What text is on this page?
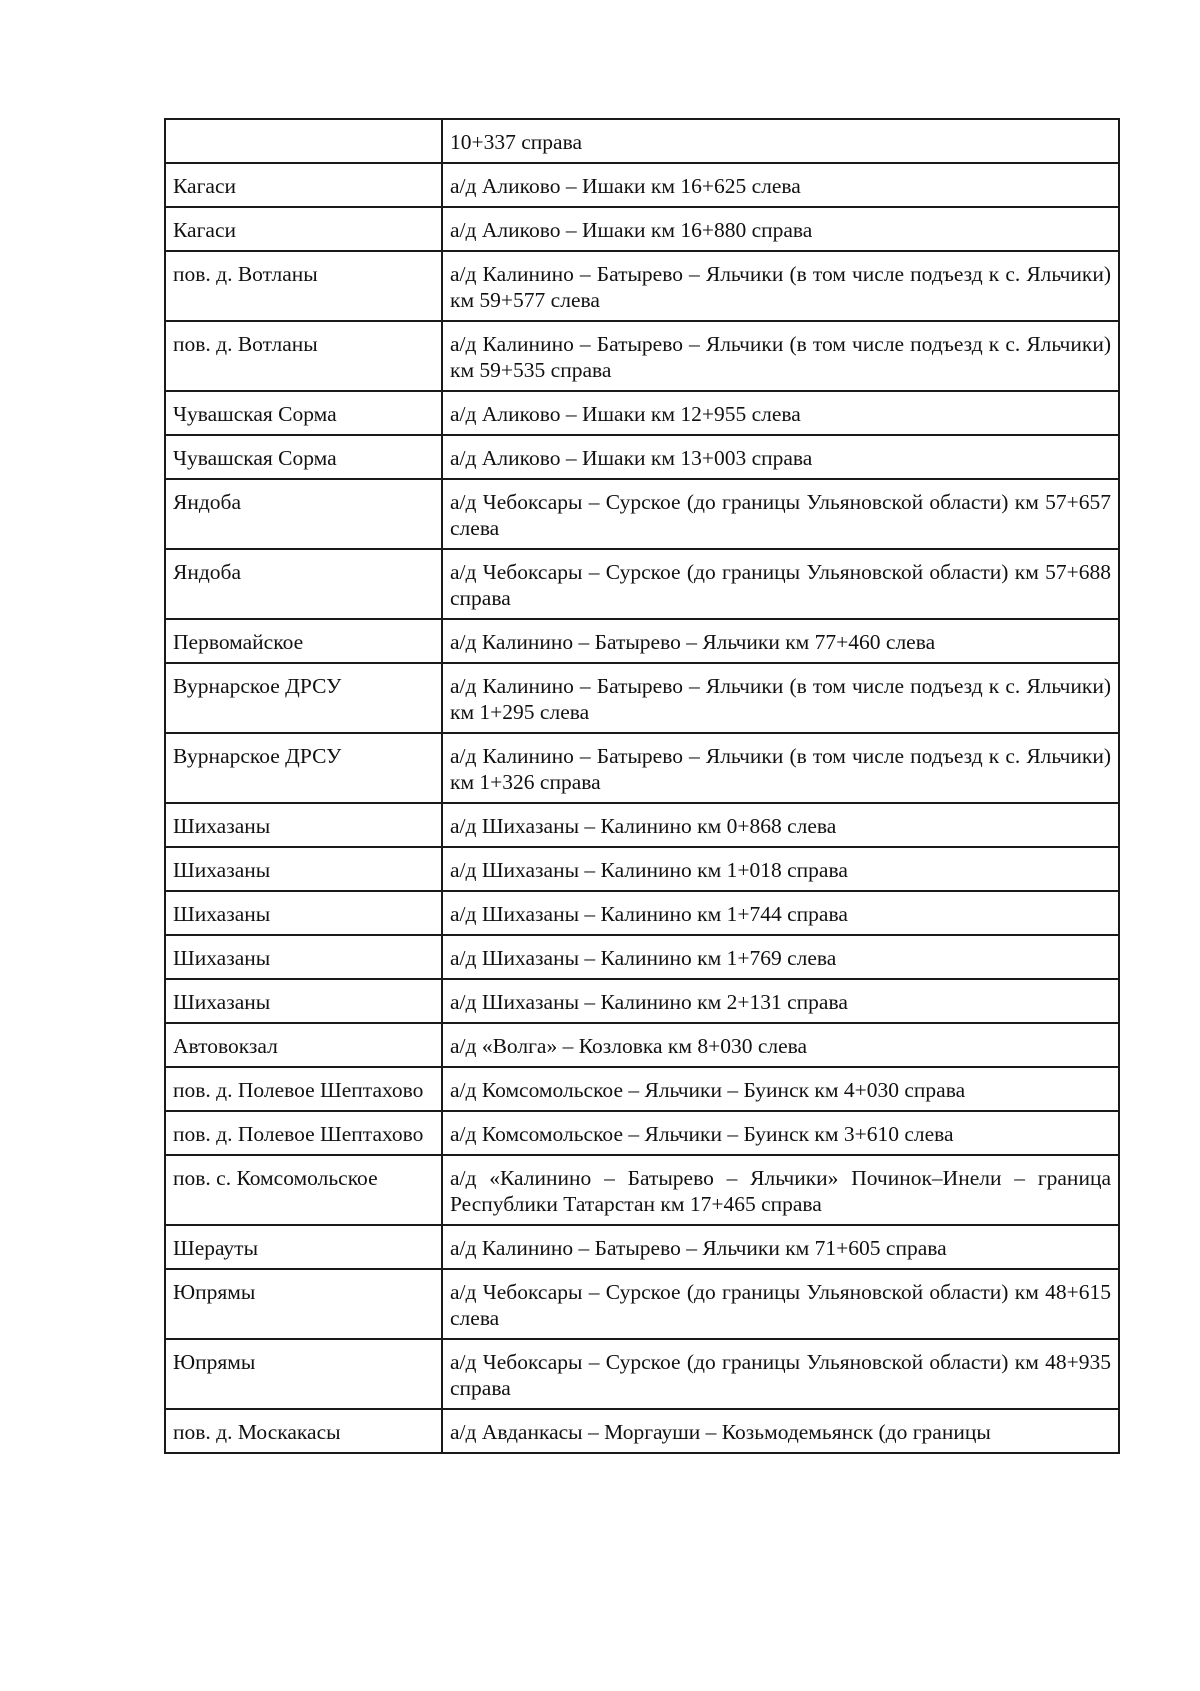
	10+337 справа
Кагаси	а/д Аликово – Ишаки км 16+625 слева
Кагаси	а/д Аликово – Ишаки км 16+880 справа
пов. д. Вотланы	а/д Калинино – Батырево – Яльчики (в том числе подъезд к с. Яльчики) км 59+577 слева
пов. д. Вотланы	а/д Калинино – Батырево – Яльчики (в том числе подъезд к с. Яльчики) км 59+535 справа
Чувашская Сорма	а/д Аликово – Ишаки км 12+955 слева
Чувашская Сорма	а/д Аликово – Ишаки км 13+003 справа
Яндоба	а/д Чебоксары – Сурское (до границы Ульяновской области) км 57+657 слева
Яндоба	а/д Чебоксары – Сурское (до границы Ульяновской области) км 57+688 справа
Первомайское	а/д Калинино – Батырево – Яльчики км 77+460 слева
Вурнарское ДРСУ	а/д Калинино – Батырево – Яльчики (в том числе подъезд к с. Яльчики) км 1+295 слева
Вурнарское ДРСУ	а/д Калинино – Батырево – Яльчики (в том числе подъезд к с. Яльчики) км 1+326 справа
Шихазаны	а/д Шихазаны – Калинино км 0+868 слева
Шихазаны	а/д Шихазаны – Калинино км 1+018 справа
Шихазаны	а/д Шихазаны – Калинино км 1+744 справа
Шихазаны	а/д Шихазаны – Калинино км 1+769 слева
Шихазаны	а/д Шихазаны – Калинино км 2+131 справа
Автовокзал	а/д «Волга» – Козловка км 8+030 слева
пов. д. Полевое Шептахово	а/д Комсомольское – Яльчики – Буинск км 4+030 справа
пов. д. Полевое Шептахово	а/д Комсомольское – Яльчики – Буинск км 3+610 слева
пов. с. Комсомольское	а/д «Калинино – Батырево – Яльчики» Починок–Инели – граница Республики Татарстан км 17+465 справа
Шерауты	а/д Калинино – Батырево – Яльчики км 71+605 справа
Юпрямы	а/д Чебоксары – Сурское (до границы Ульяновской области) км 48+615 слева
Юпрямы	а/д Чебоксары – Сурское (до границы Ульяновской области) км 48+935 справа
пов. д. Москакасы	а/д Авданкасы – Моргауши – Козьмодемьянск (до границы
